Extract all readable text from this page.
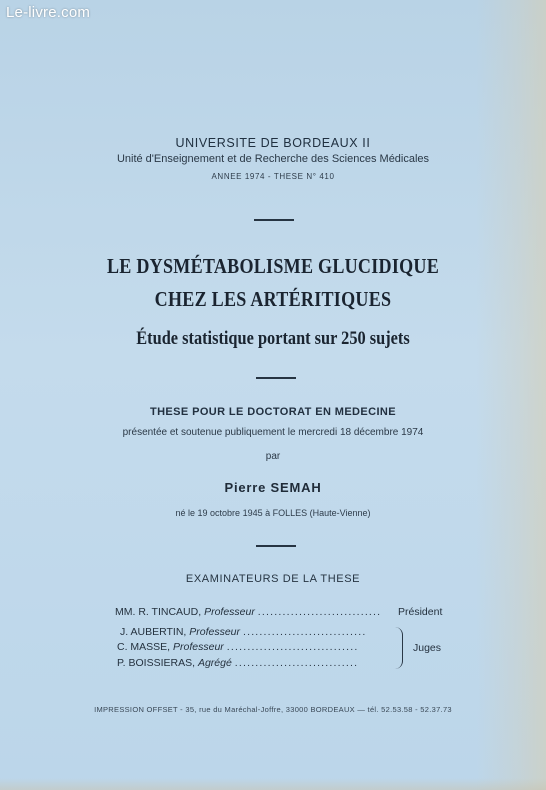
Le-livre.com
UNIVERSITE DE BORDEAUX II
Unité d'Enseignement et de Recherche des Sciences Médicales
ANNEE 1974 - THESE N° 410
LE DYSMÉTABOLISME GLUCIDIQUE
CHEZ LES ARTÉRITIQUES
Étude statistique portant sur 250 sujets
THESE POUR LE DOCTORAT EN MEDECINE
présentée et soutenue publiquement le mercredi 18 décembre 1974
par
Pierre SEMAH
né le 19 octobre 1945 à FOLLES (Haute-Vienne)
EXAMINATEURS DE LA THESE
MM. R. TINCAUD, Professeur .............................. Président
J. AUBERTIN, Professeur ..............................
C. MASSE, Professeur ................................
P. BOISSIERAS, Agrégé ..............................
Juges
IMPRESSION OFFSET - 35, rue du Maréchal-Joffre, 33000 BORDEAUX — tél. 52.53.58 - 52.37.73
